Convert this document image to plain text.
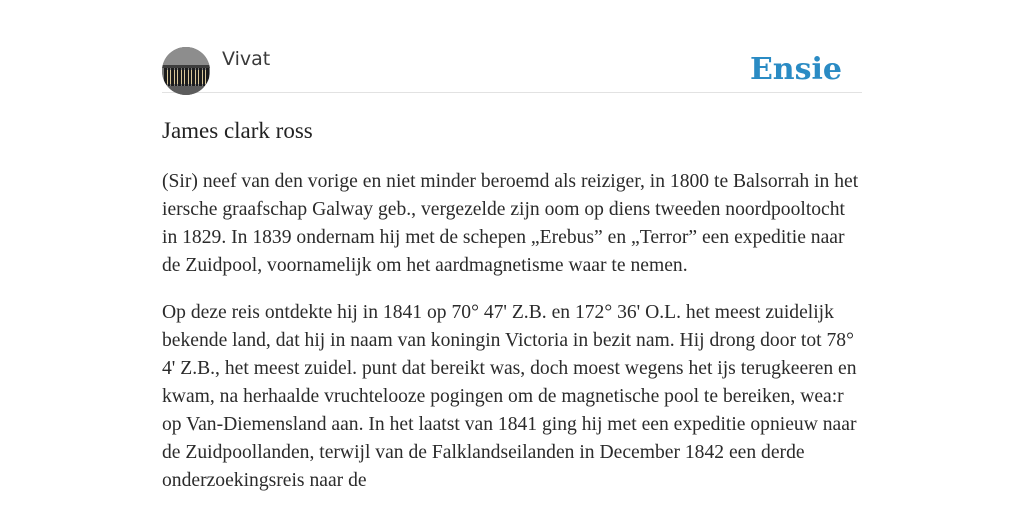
Vivat	Ensie
James clark ross

(Sir) neef van den vorige en niet minder beroemd als reiziger, in 1800 te Balsorrah in het iersche graafschap Galway geb., vergezelde zijn oom op diens tweeden noordpooltocht in 1829. In 1839 ondernam hij met de schepen „Erebus” en „Terror” een expeditie naar de Zuidpool, voornamelijk om het aardmagnetisme waar te nemen.

Op deze reis ontdekte hij in 1841 op 70° 47' Z.B. en 172° 36' O.L. het meest zuidelijk bekende land, dat hij in naam van koningin Victoria in bezit nam. Hij drong door tot 78° 4' Z.B., het meest zuidel. punt dat bereikt was, doch moest wegens het ijs terugkeeren en kwam, na herhaalde vruchtelooze pogingen om de magnetische pool te bereiken, wea:r op Van-Diemensland aan. In het laatst van 1841 ging hij met een expeditie opnieuw naar de Zuidpoollanden, terwijl van de Falklandseilanden in December 1842 een derde onderzoekingsreis naar de
